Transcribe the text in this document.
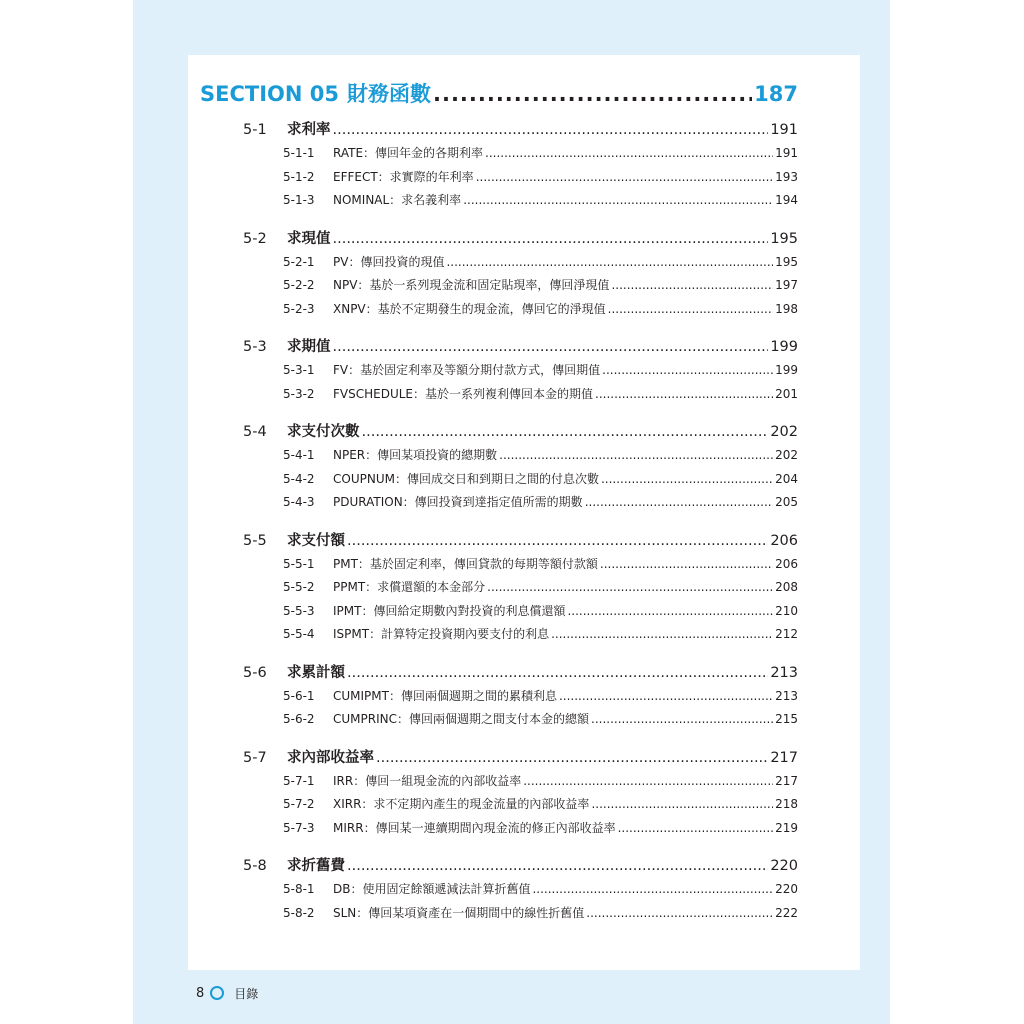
SECTION 05 財務函數 .....	187
5-1	求利率 .....	191
5-1-1	RATE：傳回年金的各期利率 .....	191
5-1-2	EFFECT：求實際的年利率 .....	193
5-1-3	NOMINAL：求名義利率 .....	194
5-2	求現值 .....	195
5-2-1	PV：傳回投資的現值 .....	195
5-2-2	NPV：基於一系列現金流和固定貼現率，傳回淨現值 .....	197
5-2-3	XNPV：基於不定期發生的現金流，傳回它的淨現值 .....	198
5-3	求期值 .....	199
5-3-1	FV：基於固定利率及等額分期付款方式，傳回期值 .....	199
5-3-2	FVSCHEDULE：基於一系列複利傳回本金的期值 .....	201
5-4	求支付次數 .....	202
5-4-1	NPER：傳回某項投資的總期數 .....	202
5-4-2	COUPNUM：傳回成交日和到期日之間的付息次數 .....	204
5-4-3	PDURATION：傳回投資到達指定值所需的期數 .....	205
5-5	求支付額 .....	206
5-5-1	PMT：基於固定利率，傳回貸款的每期等額付款額 .....	206
5-5-2	PPMT：求償還額的本金部分 .....	208
5-5-3	IPMT：傳回給定期數內對投資的利息償還額 .....	210
5-5-4	ISPMT：計算特定投資期內要支付的利息 .....	212
5-6	求累計額 .....	213
5-6-1	CUMIPMT：傳回兩個週期之間的累積利息 .....	213
5-6-2	CUMPRINC：傳回兩個週期之間支付本金的總額 .....	215
5-7	求內部收益率 .....	217
5-7-1	IRR：傳回一組現金流的內部收益率 .....	217
5-7-2	XIRR：求不定期內產生的現金流量的內部收益率 .....	218
5-7-3	MIRR：傳回某一連續期間內現金流的修正內部收益率 .....	219
5-8	求折舊費 .....	220
5-8-1	DB：使用固定餘額遞減法計算折舊值 .....	220
5-8-2	SLN：傳回某項資產在一個期間中的線性折舊值 .....	222
8	目錄
